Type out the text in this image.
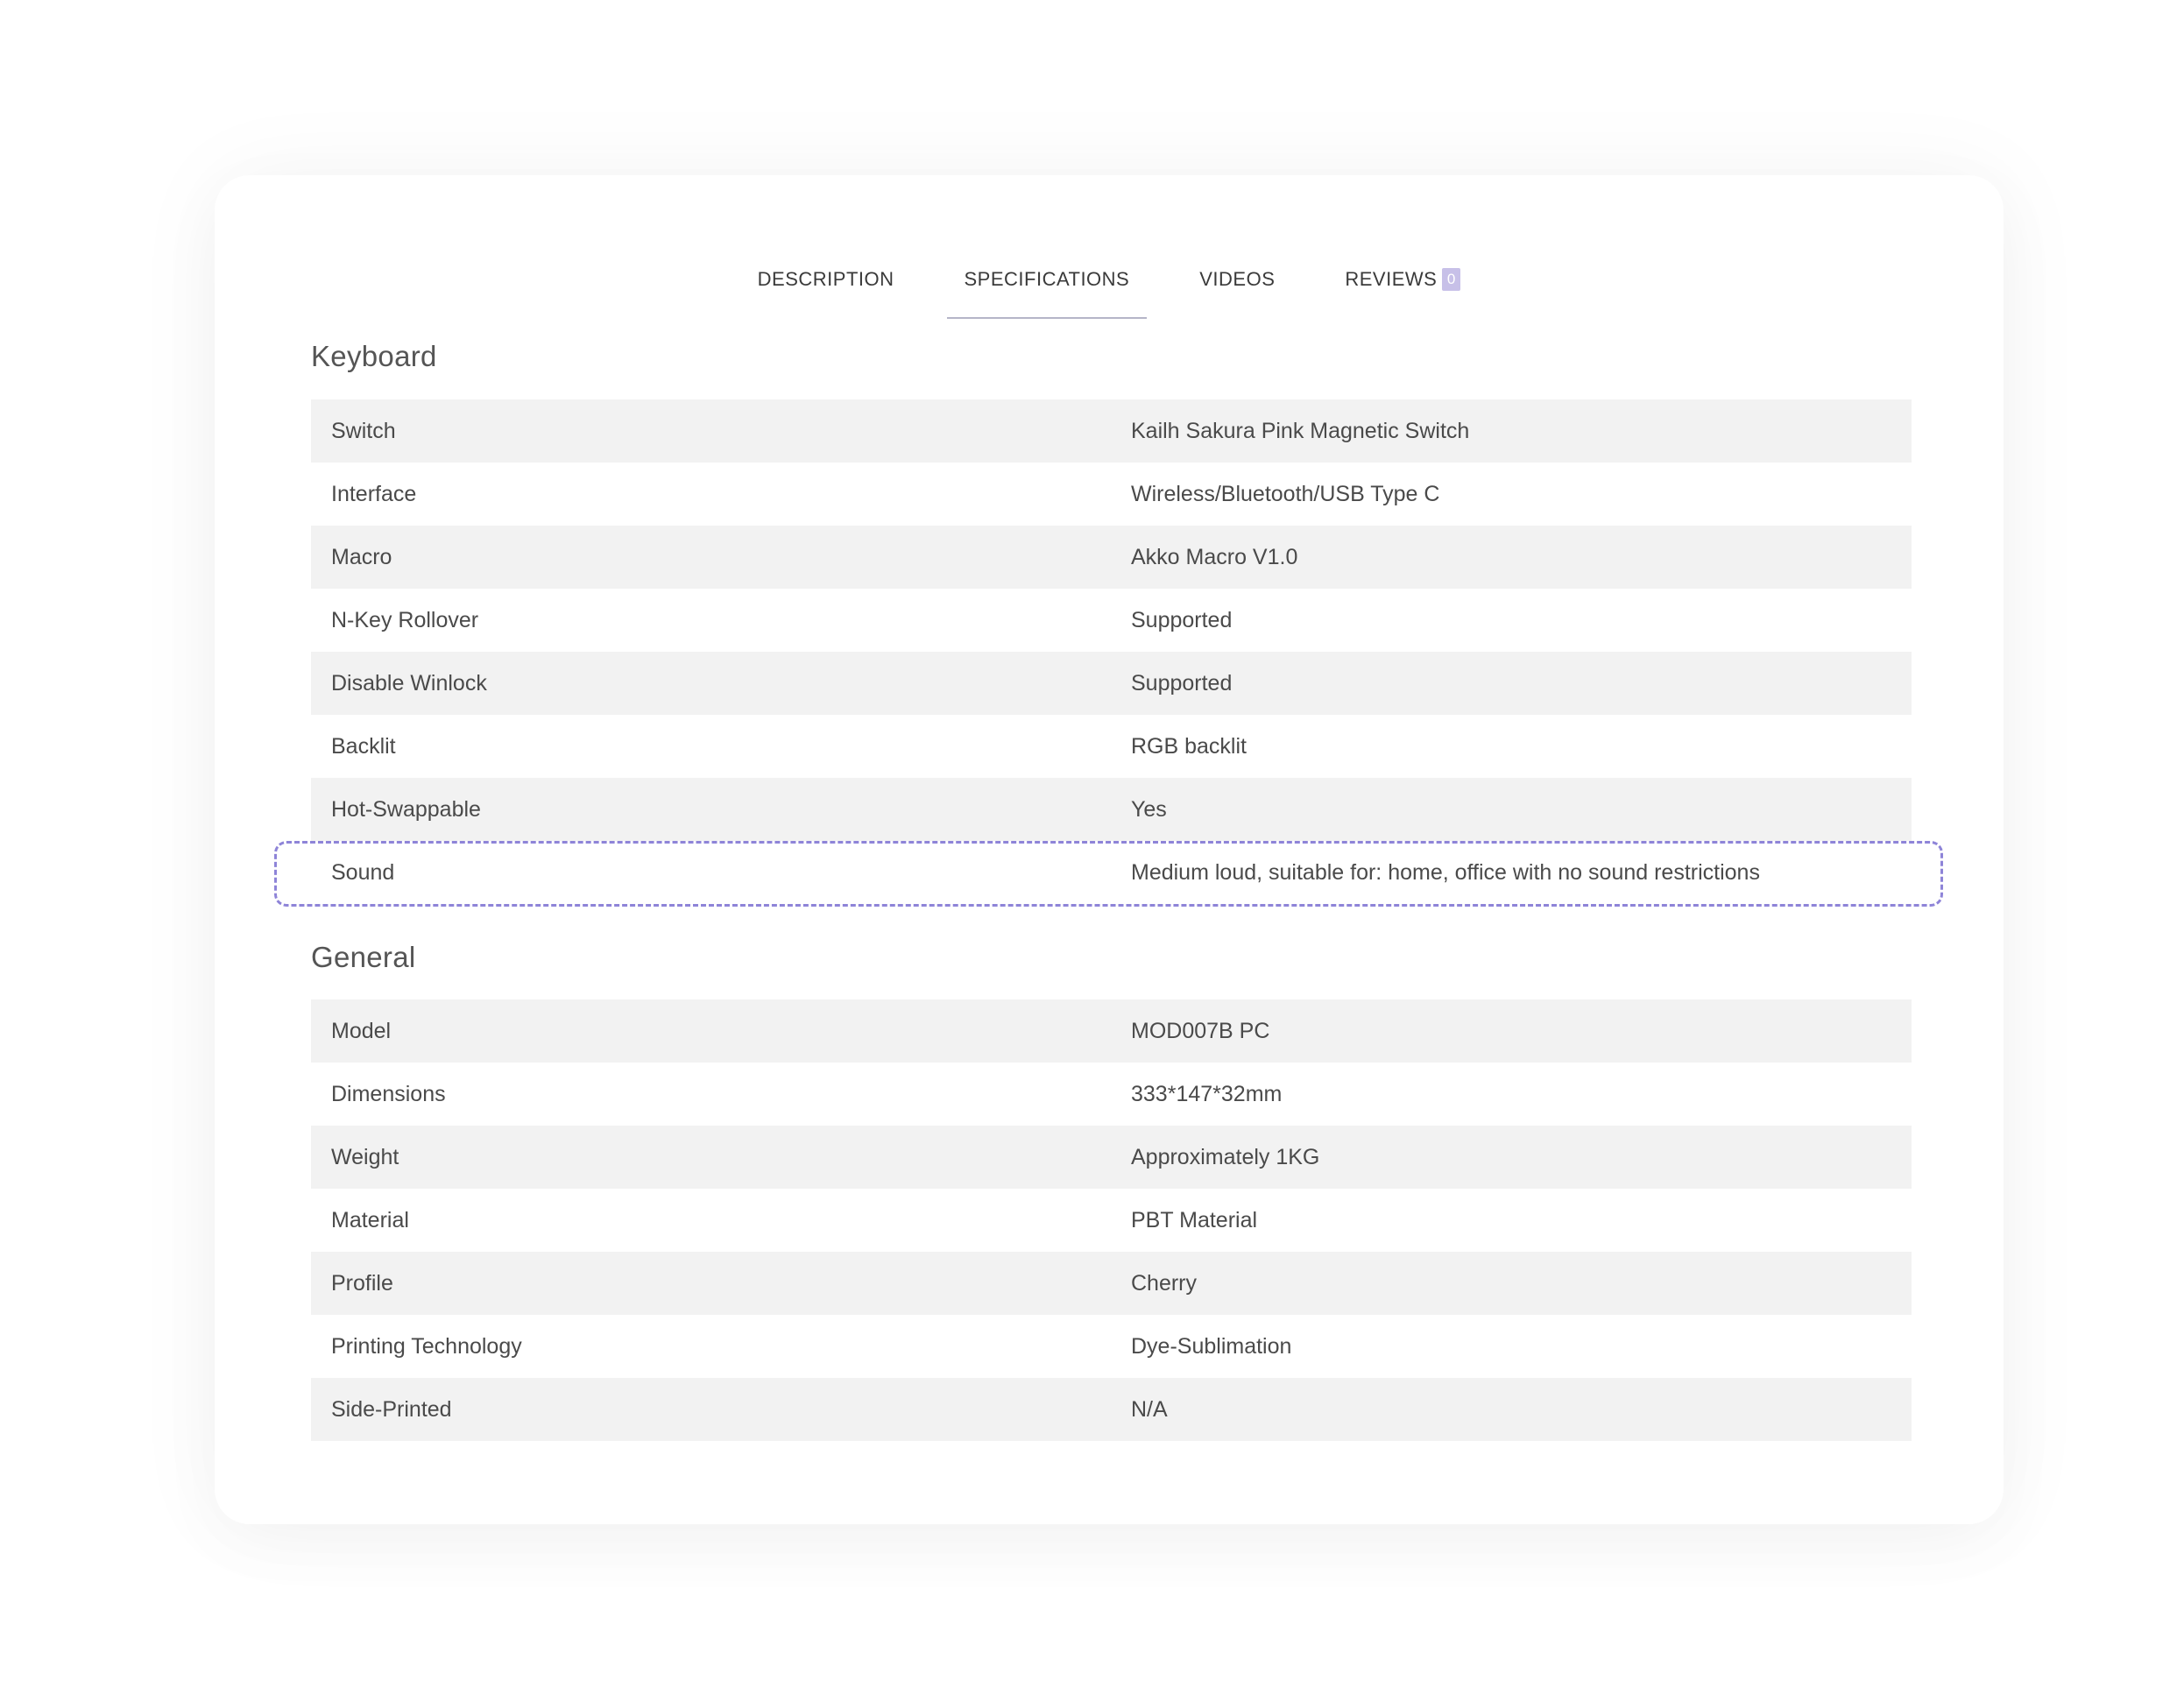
DESCRIPTION	SPECIFICATIONS	VIDEOS	REVIEWS 0
Keyboard
Switch	Kailh Sakura Pink Magnetic Switch
Interface	Wireless/Bluetooth/USB Type C
Macro	Akko Macro V1.0
N-Key Rollover	Supported
Disable Winlock	Supported
Backlit	RGB backlit
Hot-Swappable	Yes
Sound	Medium loud, suitable for: home, office with no sound restrictions
General
Model	MOD007B PC
Dimensions	333*147*32mm
Weight	Approximately 1KG
Material	PBT Material
Profile	Cherry
Printing Technology	Dye-Sublimation
Side-Printed	N/A
